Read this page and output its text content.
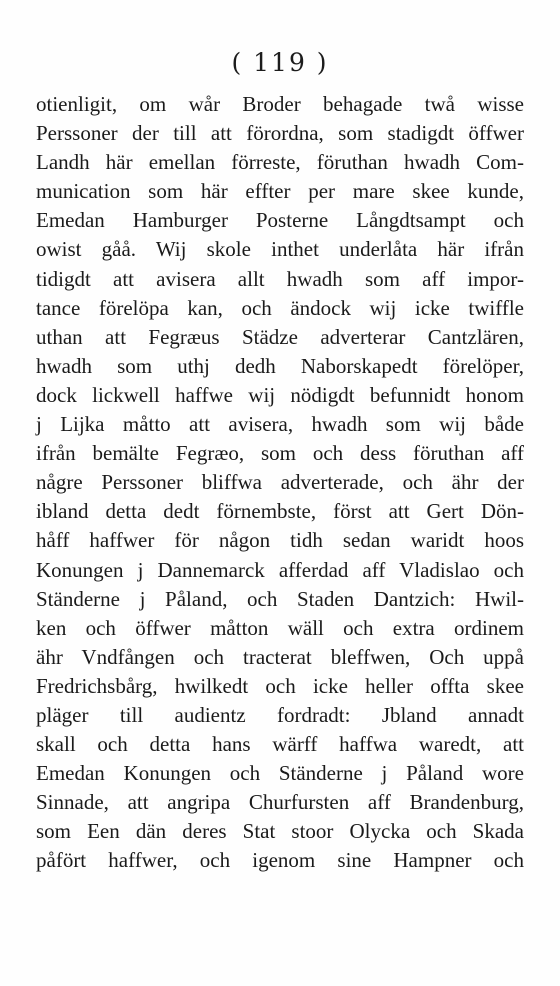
( 119 )
otienligit, om wår Broder behagade twå wisse
Perssoner der till att förordna, som stadigdt öffwer
Landh här emellan förreste, föruthan hwadh Com-
munication som här effter per mare skee kunde,
Emedan Hamburger Posterne Långdtsampt och
owist gåå. Wij skole inthet underlåta här ifrån
tidigdt att avisera allt hwadh som aff impor-
tance förelöpa kan, och ändock wij icke twiffle
uthan att Fegræus Städze adverterar Cantzlären,
hwadh som uthj dedh Naborskapedt förelöper,
dock lickwell haffwe wij nödigdt befunnidt honom
j Lijka måtto att avisera, hwadh som wij både
ifrån bemälte Fegræo, som och dess föruthan aff
någre Perssoner bliffwa adverterade, och ähr der
ibland detta dedt förnembste, först att Gert Dön-
håff haffwer för någon tidh sedan waridt hoos
Konungen j Dannemarck afferdad aff Vladislao och
Ständerne j Påland, och Staden Dantzich: Hwil-
ken och öffwer måtton wäll och extra ordinem
ähr Vndfången och tracterat bleffwen, Och uppå
Fredrichsbårg, hwilkedt och icke heller offta skee
pläger till audientz fordradt: Jbland annadt
skall och detta hans wärff haffwa waredt, att
Emedan Konungen och Ständerne j Påland wore
Sinnade, att angripa Churfursten aff Brandenburg,
som Een dän deres Stat stoor Olycka och Skada
påfört haffwer, och igenom sine Hampner och
